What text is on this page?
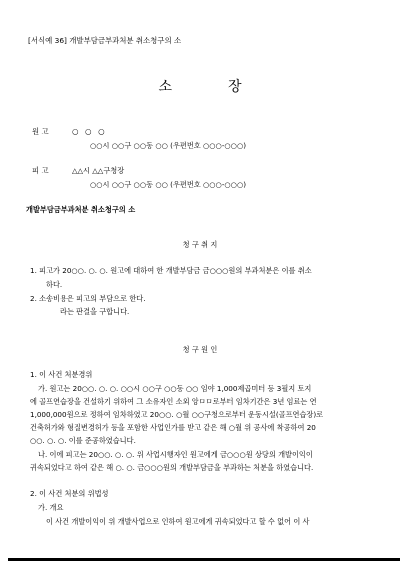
[서식예 36] 개발부담금부과처분 취소청구의 소
소	장
원 고	○ ○ ○
○○시 ○○구 ○○동 ○○ (우편번호 ○○○-○○○)
피 고	△△시 △△구청장
○○시 ○○구 ○○동 ○○ (우편번호 ○○○-○○○)
개발부담금부과처분 취소청구의 소
청 구 취 지
1. 피고가 20○○. ○. ○. 원고에 대하여 한 개발부담금 금○○○원의 부과처분은 이를 취소
하다.
2. 소송비용은 피고의 부담으로 한다.
라는 판결을 구합니다.
청 구 원 인
1. 이 사건 처분경위
가. 원고는 20○○. ○. ○. ○○시 ○○구 ○○동 ○○ 임야 1,000제곱미터 등 3필지 토지
에 골프연습장을 건설하기 위하여 그 소유자인 소외 앙ㅁㅁ로부터 임차기간은 3년 임료는 연
1,000,000원으로 정하여 임차하였고 20○○. ○월 ○○구청으로부터 운동시설(골프연습장)로
건축허가와 형질변경허가 등을 포함한 사업인가를 받고 같은 해 ○월 위 공사에 착공하여 20
○○. ○. ○. 이를 준공하였습니다.
나. 이에 피고는 20○○. ○. ○. 위 사업시행자인 원고에게 금○○○원 상당의 개발이익이
귀속되었다고 하여 같은 해 ○. ○. 금○○○원의 개발부담금을 부과하는 처분을 하였습니다.
2. 이 사건 처분의 위법성
가. 개요
이 사건 개발이익이 위 개발사업으로 인하여 원고에게 귀속되었다고 할 수 없어 이 사
